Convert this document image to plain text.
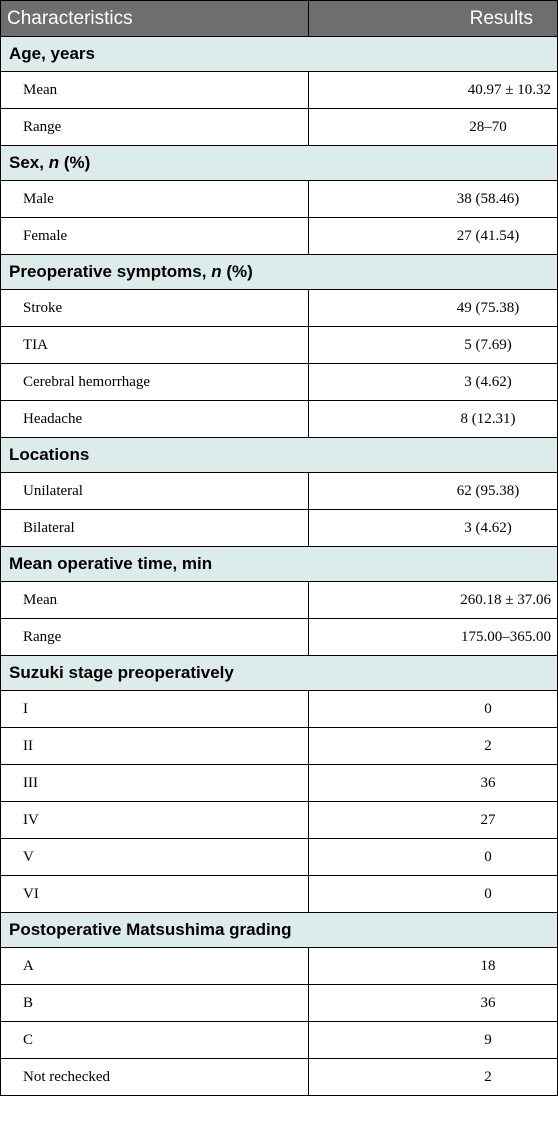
Characteristics	Results
Age, years	
Mean	40.97 ± 10.32
Range	28–70
Sex, n (%)	
Male	38 (58.46)
Female	27 (41.54)
Preoperative symptoms, n (%)	
Stroke	49 (75.38)
TIA	5 (7.69)
Cerebral hemorrhage	3 (4.62)
Headache	8 (12.31)
Locations	
Unilateral	62 (95.38)
Bilateral	3 (4.62)
Mean operative time, min	
Mean	260.18 ± 37.06
Range	175.00–365.00
Suzuki stage preoperatively	
I	0
II	2
III	36
IV	27
V	0
VI	0
Postoperative Matsushima grading	
A	18
B	36
C	9
Not rechecked	2
